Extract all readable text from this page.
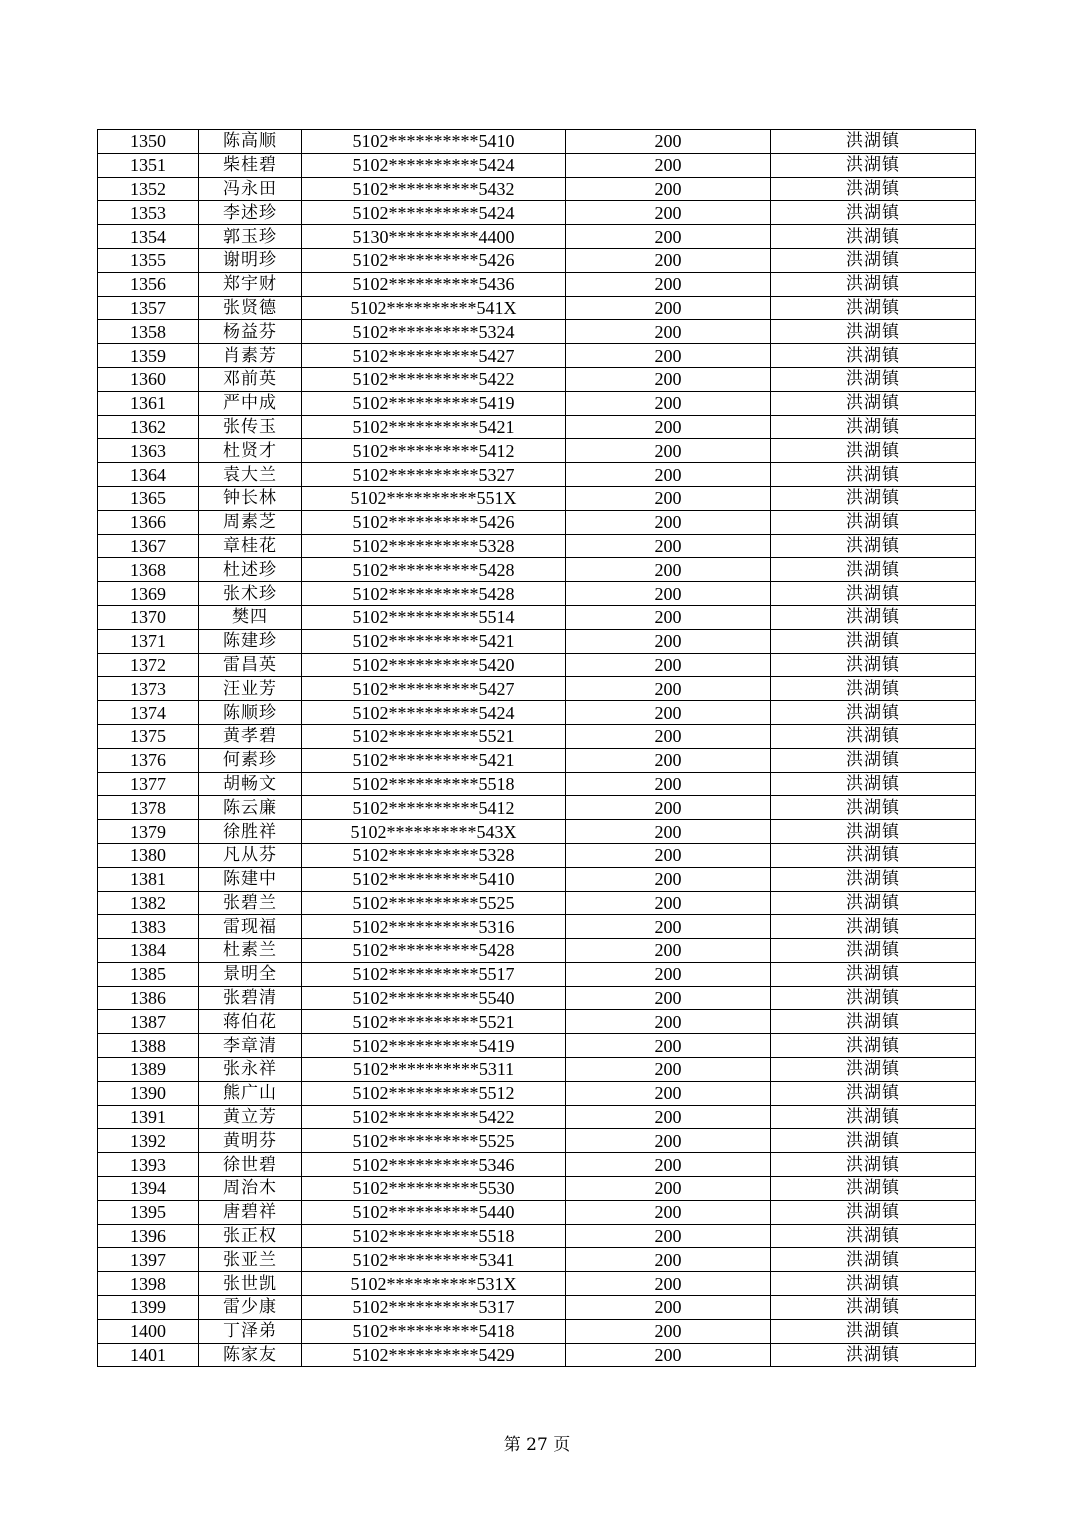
1350	陈高顺	5102**********5410	200	洪湖镇
1351	柴桂碧	5102**********5424	200	洪湖镇
1352	冯永田	5102**********5432	200	洪湖镇
1353	李述珍	5102**********5424	200	洪湖镇
1354	郭玉珍	5130**********4400	200	洪湖镇
1355	谢明珍	5102**********5426	200	洪湖镇
1356	郑宇财	5102**********5436	200	洪湖镇
1357	张贤德	5102**********541X	200	洪湖镇
1358	杨益芬	5102**********5324	200	洪湖镇
1359	肖素芳	5102**********5427	200	洪湖镇
1360	邓前英	5102**********5422	200	洪湖镇
1361	严中成	5102**********5419	200	洪湖镇
1362	张传玉	5102**********5421	200	洪湖镇
1363	杜贤才	5102**********5412	200	洪湖镇
1364	袁大兰	5102**********5327	200	洪湖镇
1365	钟长林	5102**********551X	200	洪湖镇
1366	周素芝	5102**********5426	200	洪湖镇
1367	章桂花	5102**********5328	200	洪湖镇
1368	杜述珍	5102**********5428	200	洪湖镇
1369	张术珍	5102**********5428	200	洪湖镇
1370	樊四	5102**********5514	200	洪湖镇
1371	陈建珍	5102**********5421	200	洪湖镇
1372	雷昌英	5102**********5420	200	洪湖镇
1373	汪业芳	5102**********5427	200	洪湖镇
1374	陈顺珍	5102**********5424	200	洪湖镇
1375	黄孝碧	5102**********5521	200	洪湖镇
1376	何素珍	5102**********5421	200	洪湖镇
1377	胡畅文	5102**********5518	200	洪湖镇
1378	陈云廉	5102**********5412	200	洪湖镇
1379	徐胜祥	5102**********543X	200	洪湖镇
1380	凡从芬	5102**********5328	200	洪湖镇
1381	陈建中	5102**********5410	200	洪湖镇
1382	张碧兰	5102**********5525	200	洪湖镇
1383	雷现福	5102**********5316	200	洪湖镇
1384	杜素兰	5102**********5428	200	洪湖镇
1385	景明全	5102**********5517	200	洪湖镇
1386	张碧清	5102**********5540	200	洪湖镇
1387	蒋伯花	5102**********5521	200	洪湖镇
1388	李章清	5102**********5419	200	洪湖镇
1389	张永祥	5102**********5311	200	洪湖镇
1390	熊广山	5102**********5512	200	洪湖镇
1391	黄立芳	5102**********5422	200	洪湖镇
1392	黄明芬	5102**********5525	200	洪湖镇
1393	徐世碧	5102**********5346	200	洪湖镇
1394	周治木	5102**********5530	200	洪湖镇
1395	唐碧祥	5102**********5440	200	洪湖镇
1396	张正权	5102**********5518	200	洪湖镇
1397	张亚兰	5102**********5341	200	洪湖镇
1398	张世凯	5102**********531X	200	洪湖镇
1399	雷少康	5102**********5317	200	洪湖镇
1400	丁泽弟	5102**********5418	200	洪湖镇
1401	陈家友	5102**********5429	200	洪湖镇
第 27 页
